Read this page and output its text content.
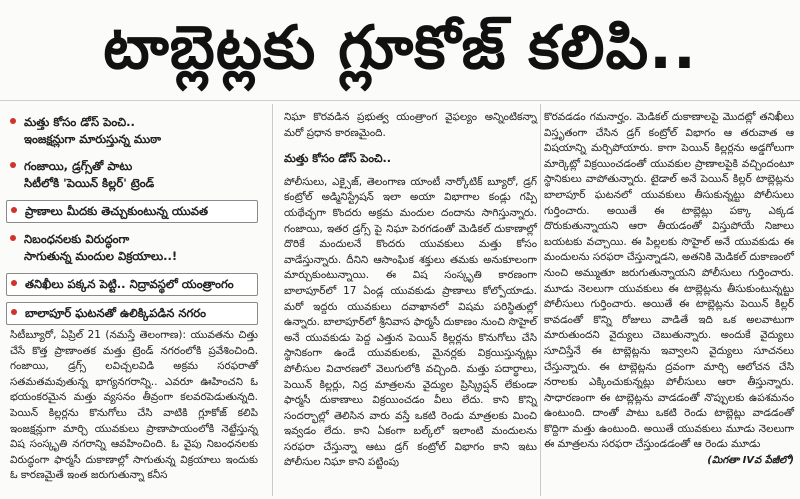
టాబ్లెట్లకు గ్లూకోజ్ కలిపి..
మత్తు కోసం డోస్ పెంచి..
ఇంజక్షన్లుగా మారుస్తున్న ముఠా
గంజాయి, డ్రగ్స్‌తో పాటు
సిటీలోకి 'పెయిన్ కిల్లర్' ట్రెండ్
ప్రాణాలు మీదకు తెచ్చుకుంటున్న యువత
నిబంధనలకు విరుద్ధంగా
సాగుతున్న మందుల విక్రయాలు..!
తనిఖీలు పక్కన పెట్టి.. నిద్రావస్థలో యంత్రాంగం
బాలాపూర్ ఘటనతో ఉలిక్కిపడిన నగరం

సిటీబ్యూరో, ఏప్రిల్ 21 (నమస్తే తెలంగాణ): యువతను చిత్తు చేసే కొత్త ప్రాణాంతక మత్తు ట్రెండ్ నగరంలోకి ప్రవేశించింది. గంజాయి, డ్రగ్స్ లవిచ్చలవిడి అక్రమ సరఫరాతో సతమతమవుతున్న భాగ్యనగరాన్ని.. ఎవరూ ఊహించని ఓ భయంకరమైన మత్తు వ్యసనం తీవ్రంగా కలవరపెడుతున్నది. పెయిన్ కిల్లర్లను కొనుగోలు చేసి వాటికి గ్లూకోజ్ కలిపి ఇంజక్షన్లుగా మార్చి యువకులు ప్రాణాపాయంలోకి నెట్టేస్తున్న విష సంస్కృతి నగరాన్ని ఆవహించింది. ఓ వైపు నిబంధనలకు విరుద్ధంగా ఫార్మసీ దుకాణాల్లో సాగుతున్న విక్రయాలు ఇందుకు ఓ కారణమైతే ఇంత జరుగుతున్నా కనీస

నిఘా కొరవడిన ప్రభుత్వ యంత్రాంగ వైఫల్యం అన్నింటికన్నా మరో ప్రధాన కారణమైంది.

మత్తు కోసం డోస్ పెంచి..

పోలీసులు, ఎక్సైజ్, తెలంగాణ యాంటీ నార్కోటిక్ బ్యూరో, డ్రగ్ కంట్రోల్ అడ్మినిస్ట్రేషన్ ఇలా అయా విభాగాల కండ్లు గప్పి యథేచ్ఛగా కొందరు అక్రమ మందుల దందాను సాగిస్తున్నారు. గంజాయి, ఇతర డ్రగ్స్ పై నిఘా పెరగడంతో మెడికల్ దుకాణాల్లో దొరికే మందులనే కొందరు యువకులు మత్తు కోసం వాడేస్తున్నారు. దీనిని ఆసాంఘిక శక్తులు తమకు అనుకూలంగా మార్చుకుంటున్నాయి. ఈ విష సంస్కృతి కారణంగా బాలాపూర్‌లో 17 ఏండ్ల యువకుడు ప్రాణాలు కోల్పోయాడు. మరో ఇద్దరు యువకులు దవాఖానలో విషమ పరిస్థితుల్లో ఉన్నారు. బాలాపూర్‌లో శ్రీనివాస ఫార్మసీ దుకాణం నుంచి సొహైల్ అనే యువకుడు పెద్ద ఎత్తున పెయిన్ కిల్లర్లను కొనుగోలు చేసి స్థానికంగా ఉండే యువకులకు, మైనర్లకు విక్రయిస్తున్నట్లు పోలీసుల విచారణలో వెలుగులోకి వచ్చింది. మత్తు పదార్థాలు, పెయిన్ కిల్లర్లు, నిద్ర మాత్రలను వైద్యుల ప్రిస్క్రిప్షన్ లేకుండా ఫార్మసీ దుకాణాలు విక్రయించడం వీలు లేదు. కాని కొన్ని సందర్భాల్లో తెలిసిన వారు వస్తే ఒకటి రెండు మాత్రలకు మించి ఇవ్వడం లేదు. కాని ఏకంగా బల్క్‌లో ఇలాంటి మందులను సరఫరా చేస్తున్నా ఆటు డ్రగ్ కంట్రోల్ విభాగం కాని ఇటు పోలీసుల నిఘా కాని పట్టింపు

కొరవడడం గమనార్హం. మెడికల్ దుకాణాలపై మొదట్లో తనిఖీలు విస్తృతంగా చేసిన డ్రగ్ కంట్రోల్ విభాగం ఆ తరువాత ఆ విషయాన్ని మర్చిపోయారు. కాగా పెయిన్ కిల్లర్లను అడ్డగోలుగా మార్కెట్లో విక్రయించడంతో యువకుల ప్రాణాలపైకి వచ్చిందంటూ స్థానికులు వాపోతున్నారు. టైడాల్ అనే పెయిన్ కిల్లర్ టాబ్లెట్లను బాలాపూర్ ఘటనలో యువకులు తీసుకున్నట్టు పోలీసులు గుర్తించారు. అయితే ఈ టాబ్లెట్లు పక్కా ఎక్కడ దొరుకుతున్నాయని ఆరా తీయడంతో విస్తుపోయే నిజాలు బయటకు వచ్చాయి. ఈ పిల్లలకు సొహైల్ అనే యువకుడు ఈ మందులను సరఫరా చేస్తున్నాడని, అతనికి మెడికల్ దుకాణంలో నుంచి అమ్ముతూ జరుగుతున్నాయని పోలీసులు గుర్తించారు. మూడు నెలలుగా యువకులు ఈ టాబ్లెట్లను తీసుకుంటున్నట్టు పోలీసులు గుర్తించారు. అయితే ఈ టాబ్లెట్లను పెయిన్ కిల్లర్ కావడంతో కొన్ని రోజులు వాడితే ఇది ఒక అలవాటుగా మారుతుందని వైద్యులు చెబుతున్నారు. అందుకే వైద్యులు సూచిస్తేనే ఈ టాబ్లెట్లను ఇవ్వాలని వైద్యులు సూచనలు చేస్తున్నారు. ఈ టాబ్లెట్లను ద్రవంగా మార్చి ఆలోచన చేసి నరాలకు ఎక్కించుకున్నట్లు పోలీసులు ఆరా తీస్తున్నారు. సాధారణంగా ఈ టాబ్లెట్లను వాడడంతో నొప్పులకు ఉపశమనం ఉంటుంది. దాంతో పాటు ఒకటి రెండు టాబ్లెట్లు వాడడంతో కొద్దిగా మత్తు ఉంటుంది. అయితే యువకులు మూడు నెలలుగా ఈ మాత్రలను సరఫరా చేస్తుండడంతో ఆ రెండు మూడు

(మిగతా IVవ పేజీలో)
